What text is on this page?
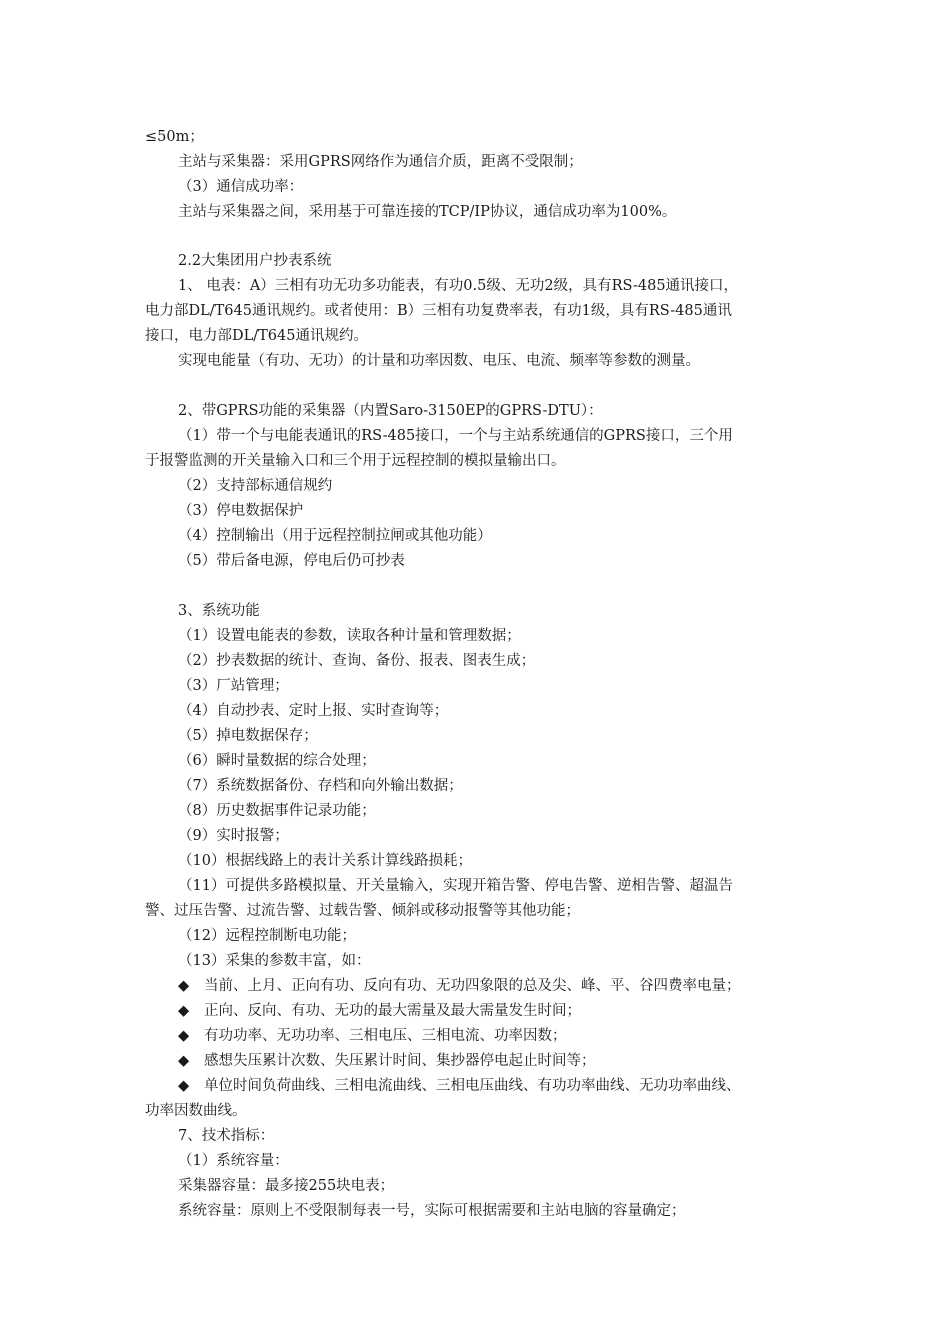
≤50m；
主站与采集器：采用GPRS网络作为通信介质，距离不受限制；
（3）通信成功率：
主站与采集器之间，采用基于可靠连接的TCP/IP协议，通信成功率为100%。
2.2大集团用户抄表系统
1、 电表：A）三相有功无功多功能表，有功0.5级、无功2级，具有RS-485通讯接口，
电力部DL/T645通讯规约。或者使用：B）三相有功复费率表，有功1级，具有RS-485通讯
接口，电力部DL/T645通讯规约。
实现电能量（有功、无功）的计量和功率因数、电压、电流、频率等参数的测量。
2、带GPRS功能的采集器（内置Saro-3150EP的GPRS-DTU）：
（1）带一个与电能表通讯的RS-485接口，一个与主站系统通信的GPRS接口，三个用
于报警监测的开关量输入口和三个用于远程控制的模拟量输出口。
（2）支持部标通信规约
（3）停电数据保护
（4）控制输出（用于远程控制拉闸或其他功能）
（5）带后备电源，停电后仍可抄表
3、系统功能
（1）设置电能表的参数，读取各种计量和管理数据；
（2）抄表数据的统计、查询、备份、报表、图表生成；
（3）厂站管理；
（4）自动抄表、定时上报、实时查询等；
（5）掉电数据保存；
（6）瞬时量数据的综合处理；
（7）系统数据备份、存档和向外输出数据；
（8）历史数据事件记录功能；
（9）实时报警；
（10）根据线路上的表计关系计算线路损耗；
（11）可提供多路模拟量、开关量输入，实现开箱告警、停电告警、逆相告警、超温告
警、过压告警、过流告警、过载告警、倾斜或移动报警等其他功能；
（12）远程控制断电功能；
（13）采集的参数丰富，如：
◆ 当前、上月、正向有功、反向有功、无功四象限的总及尖、峰、平、谷四费率电量；
◆ 正向、反向、有功、无功的最大需量及最大需量发生时间；
◆ 有功功率、无功功率、三相电压、三相电流、功率因数；
◆ 感想失压累计次数、失压累计时间、集抄器停电起止时间等；
◆ 单位时间负荷曲线、三相电流曲线、三相电压曲线、有功功率曲线、无功功率曲线、
功率因数曲线。
7、技术指标：
（1）系统容量：
采集器容量：最多接255块电表；
系统容量：原则上不受限制每表一号，实际可根据需要和主站电脑的容量确定；
